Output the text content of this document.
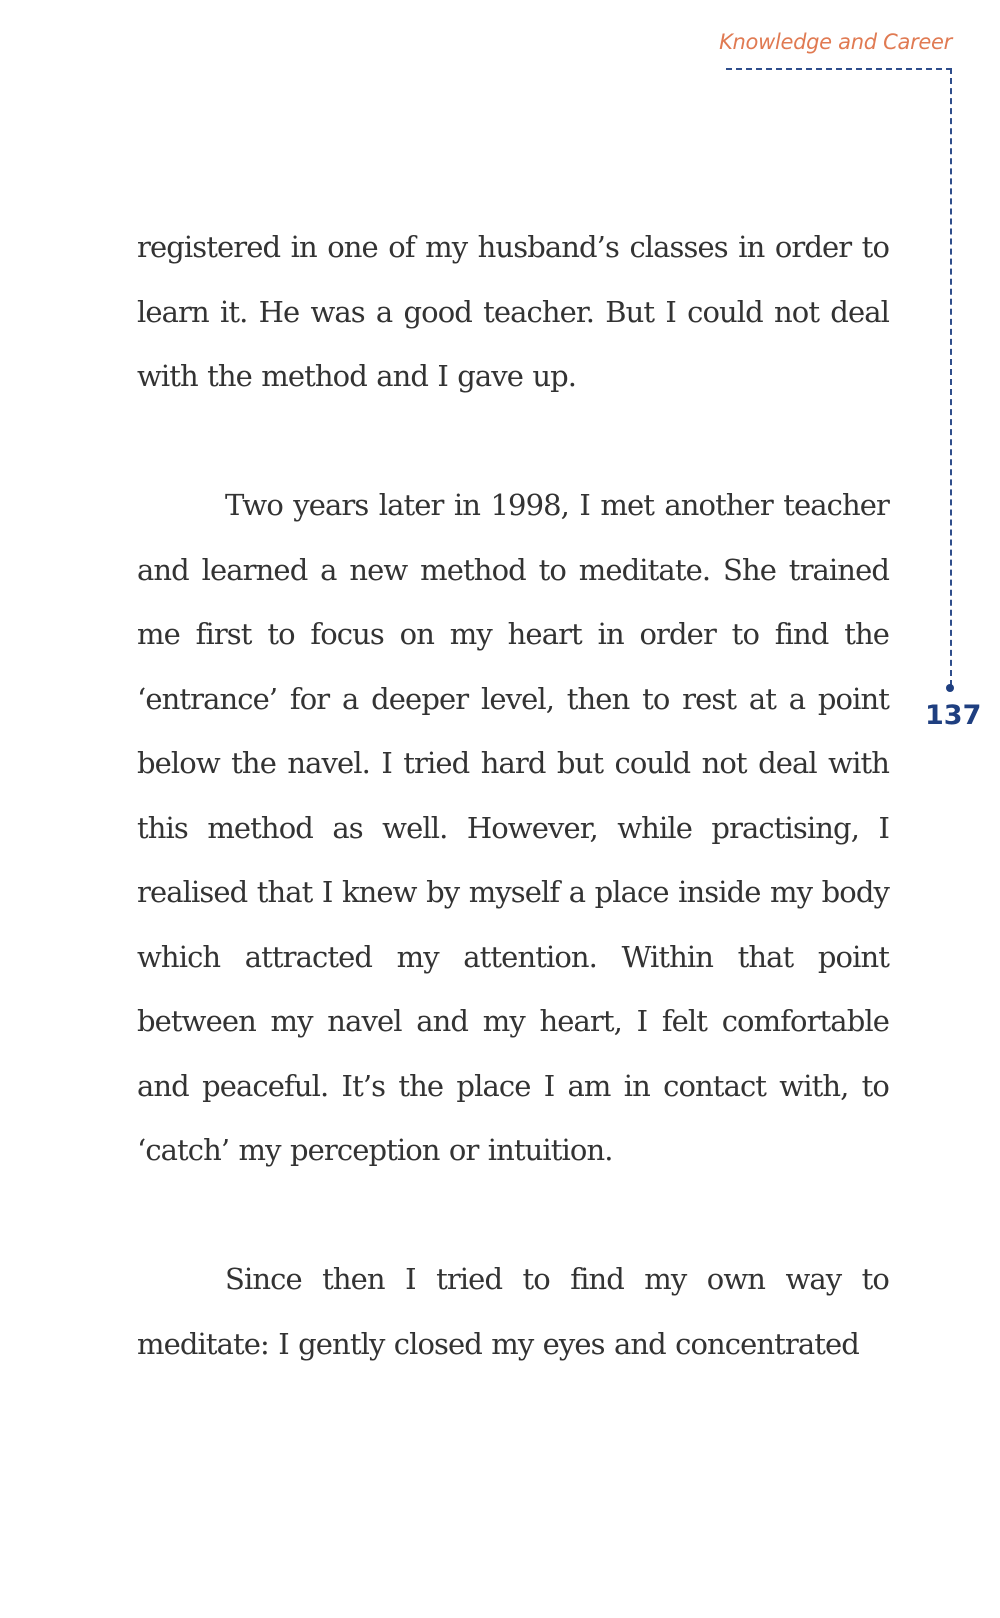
Knowledge and Career
137

registered in one of my husband’s classes in order to learn it. He was a good teacher. But I could not deal with the method and I gave up.

Two years later in 1998, I met another teacher and learned a new method to meditate. She trained me first to focus on my heart in order to find the ‘entrance’ for a deeper level, then to rest at a point below the navel. I tried hard but could not deal with this method as well. However, while practising, I realised that I knew by myself a place inside my body which attracted my attention. Within that point between my navel and my heart, I felt comfortable and peaceful. It’s the place I am in contact with, to ‘catch’ my perception or intuition.

Since then I tried to find my own way to meditate: I gently closed my eyes and concentrated
